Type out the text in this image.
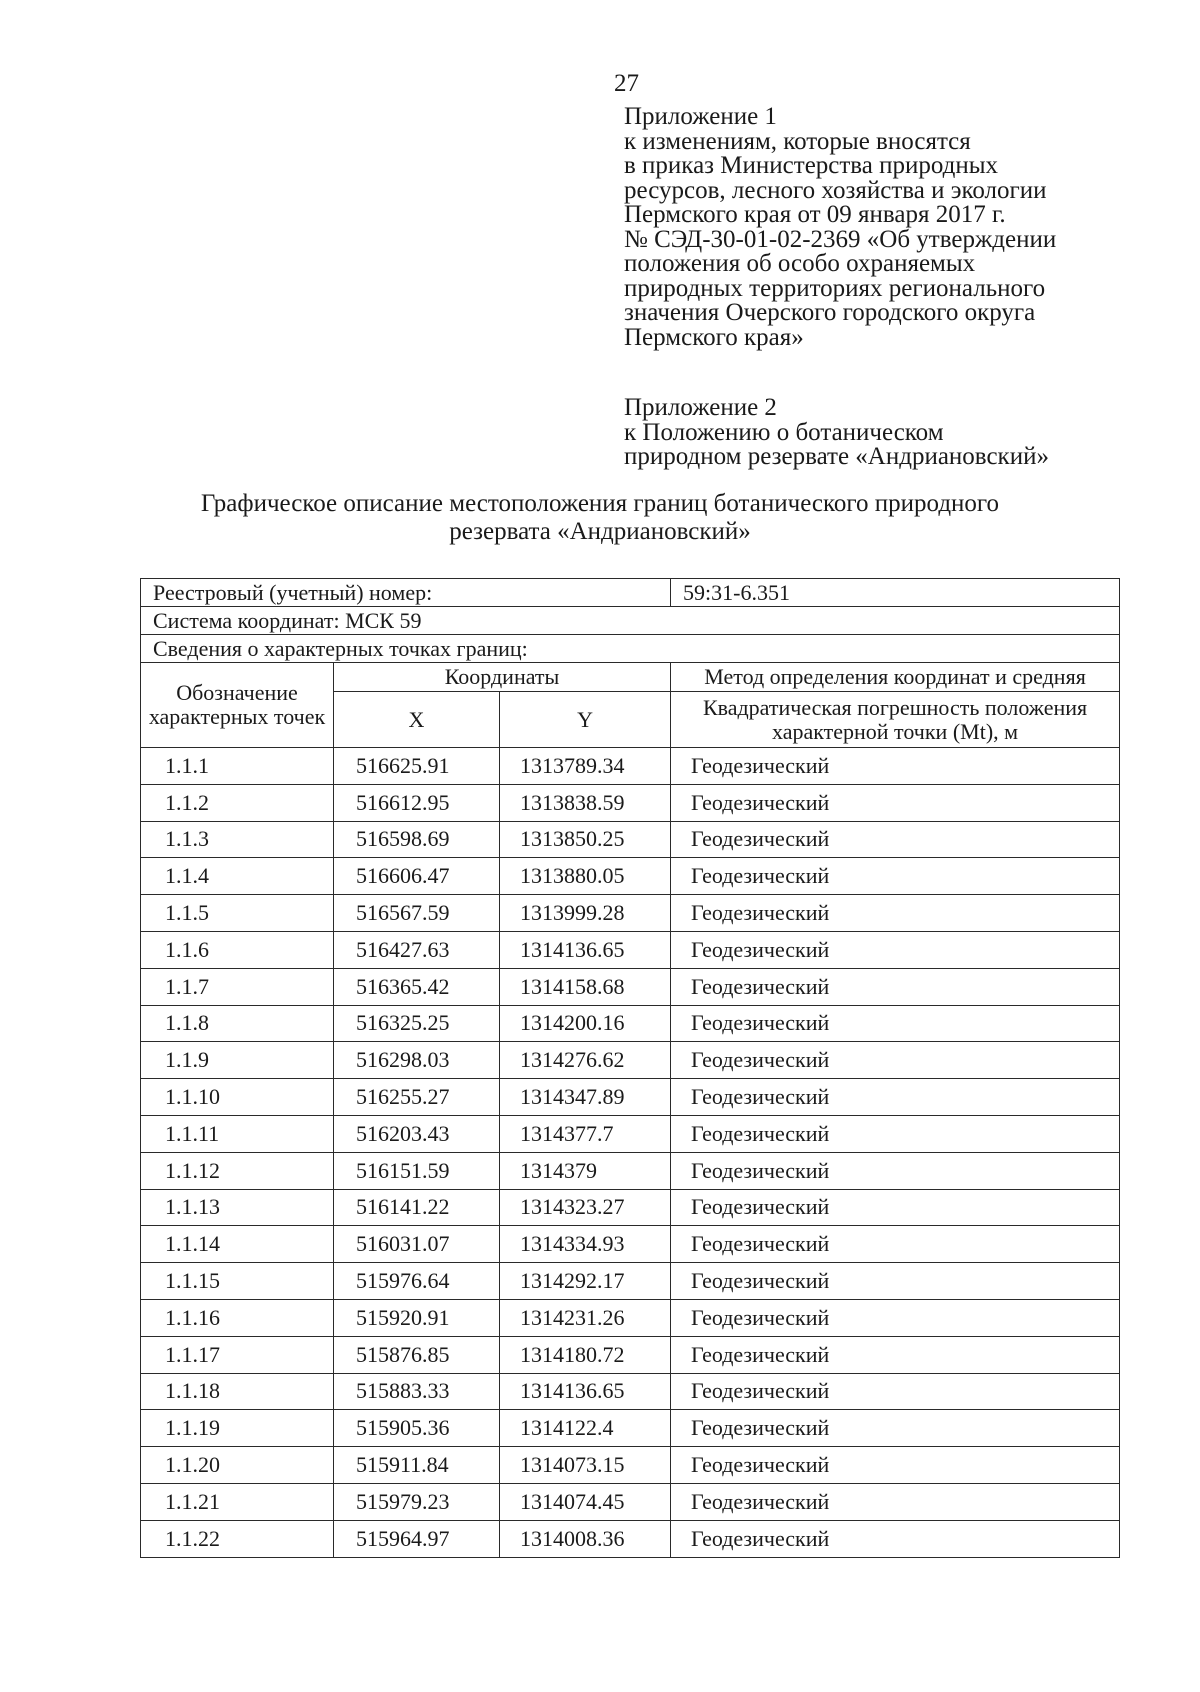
27
Приложение 1
к изменениям, которые вносятся
в приказ Министерства природных
ресурсов, лесного хозяйства и экологии
Пермского края от 09 января 2017 г.
№ СЭД-30-01-02-2369 «Об утверждении
положения об особо охраняемых
природных территориях регионального
значения Очерского городского округа
Пермского края»
Приложение 2
к Положению о ботаническом
природном резервате «Андриановский»
Графическое описание местоположения границ ботанического природного
резервата «Андриановский»
Реестровый (учетный) номер:			59:31-6.351
Система координат: МСК 59			
Сведения о характерных точках границ:			
Обозначение характерных точек	Координаты		Метод определения координат и средняя
	X	Y	Квадратическая погрешность положения характерной точки (Mt), м
1.1.1	516625.91	1313789.34	Геодезический
1.1.2	516612.95	1313838.59	Геодезический
1.1.3	516598.69	1313850.25	Геодезический
1.1.4	516606.47	1313880.05	Геодезический
1.1.5	516567.59	1313999.28	Геодезический
1.1.6	516427.63	1314136.65	Геодезический
1.1.7	516365.42	1314158.68	Геодезический
1.1.8	516325.25	1314200.16	Геодезический
1.1.9	516298.03	1314276.62	Геодезический
1.1.10	516255.27	1314347.89	Геодезический
1.1.11	516203.43	1314377.7	Геодезический
1.1.12	516151.59	1314379	Геодезический
1.1.13	516141.22	1314323.27	Геодезический
1.1.14	516031.07	1314334.93	Геодезический
1.1.15	515976.64	1314292.17	Геодезический
1.1.16	515920.91	1314231.26	Геодезический
1.1.17	515876.85	1314180.72	Геодезический
1.1.18	515883.33	1314136.65	Геодезический
1.1.19	515905.36	1314122.4	Геодезический
1.1.20	515911.84	1314073.15	Геодезический
1.1.21	515979.23	1314074.45	Геодезический
1.1.22	515964.97	1314008.36	Геодезический
